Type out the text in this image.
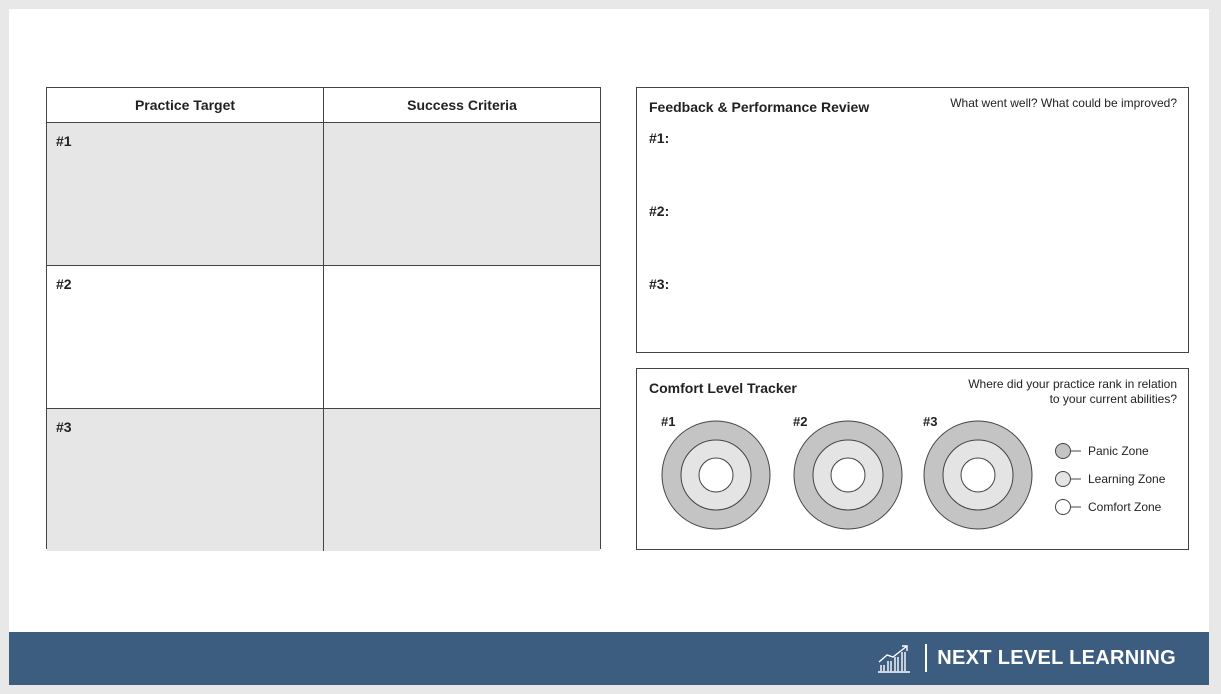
Practice Target	Success Criteria
#1
#2
#3
Feedback & Performance Review	What went well? What could be improved?
#1:
#2:
#3:
Comfort Level Tracker	Where did your practice rank in relation
to your current abilities?
#1	#2	#3
Panic Zone
Learning Zone
Comfort Zone
NEXT LEVEL LEARNING
